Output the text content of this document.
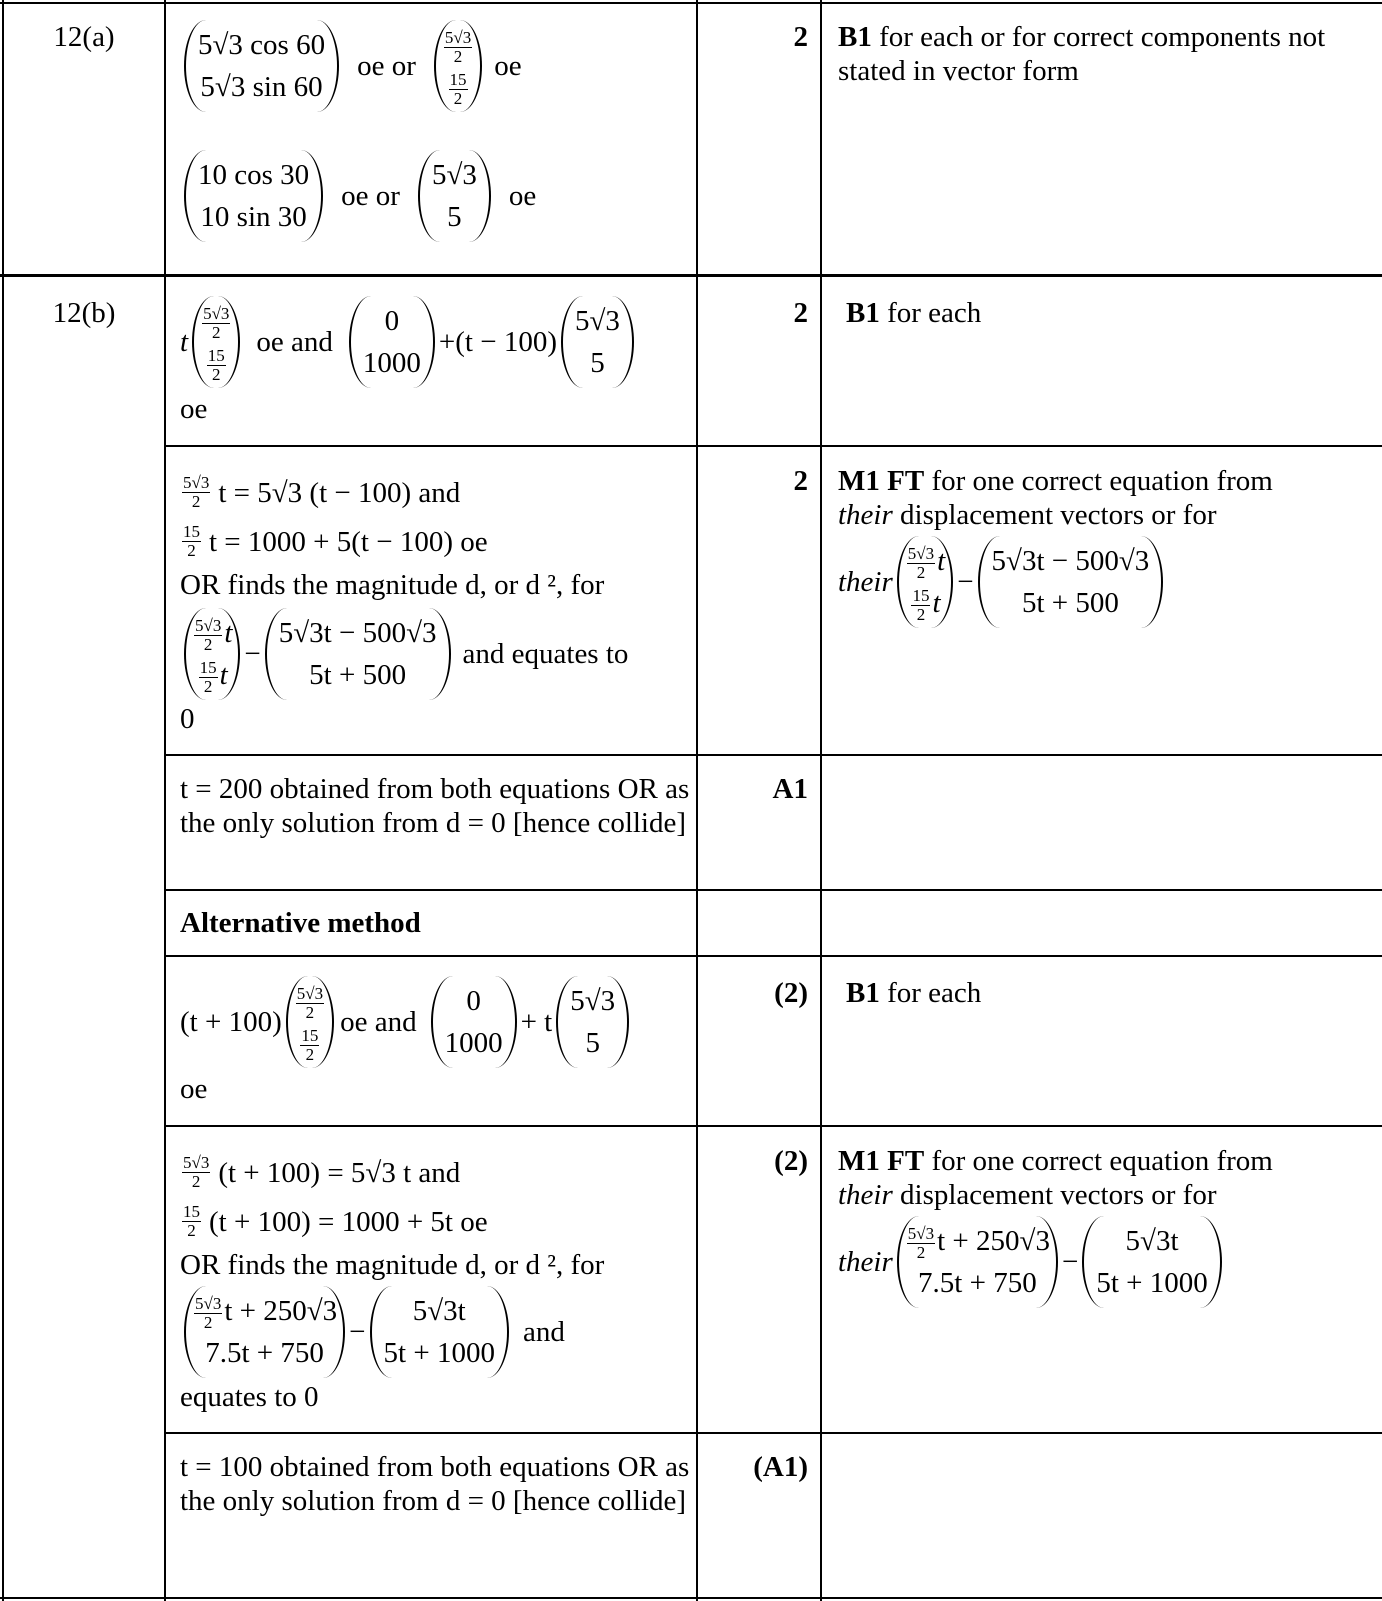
12(a)	5√3 cos 60
5√3 sin 60
oe or
$\frac{5√3}{2}$
$\frac{15}{2}$
oe
10 cos 30
10 sin 30
oe or
5√3
5
oe
2 B1 for each or for correct components not stated in vector form
12(b)
t
$\frac{5√3}{2}$
$\frac{15}{2}$
oe and
0
1000
+(t − 100)
5√3
5
oe
2 B1 for each
$\frac{5√3}{2}$ t = 5√3 (t − 100) and
$\frac{15}{2}$ t = 1000 + 5(t − 100) oe
OR finds the magnitude d, or d ², for
$\frac{5√3}{2}$ t
$\frac{15}{2}$ t
−
5√3t − 500√3
5t + 500
and equates to
0
2 M1 FT for one correct equation from
their displacement vectors or for
their
$\frac{5√3}{2}$ t
$\frac{15}{2}$ t
−
5√3t − 500√3
5t + 500
t = 200 obtained from both equations OR as the only solution from d = 0 [hence collide]
A1
Alternative method
(t + 100)
$\frac{5√3}{2}$
$\frac{15}{2}$
oe and
0
1000
+ t
5√3
5
oe
(2) B1 for each
$\frac{5√3}{2} (t + 100) = 5√3$ t and
$\frac{15}{2} (t + 100) = 1000 + 5t$ oe
OR finds the magnitude d, or d ², for
$\frac{5√3}{2}$ t + 250√3
7.5t + 750
−
5√3t
5t + 1000
and
equates to 0
(2) M1 FT for one correct equation from
their displacement vectors or for
their
$\frac{5√3}{2}$ t + 250√3
7.5t + 750
−
5√3t
5t + 1000
t = 100 obtained from both equations OR as the only solution from d = 0 [hence collide]
(A1)
